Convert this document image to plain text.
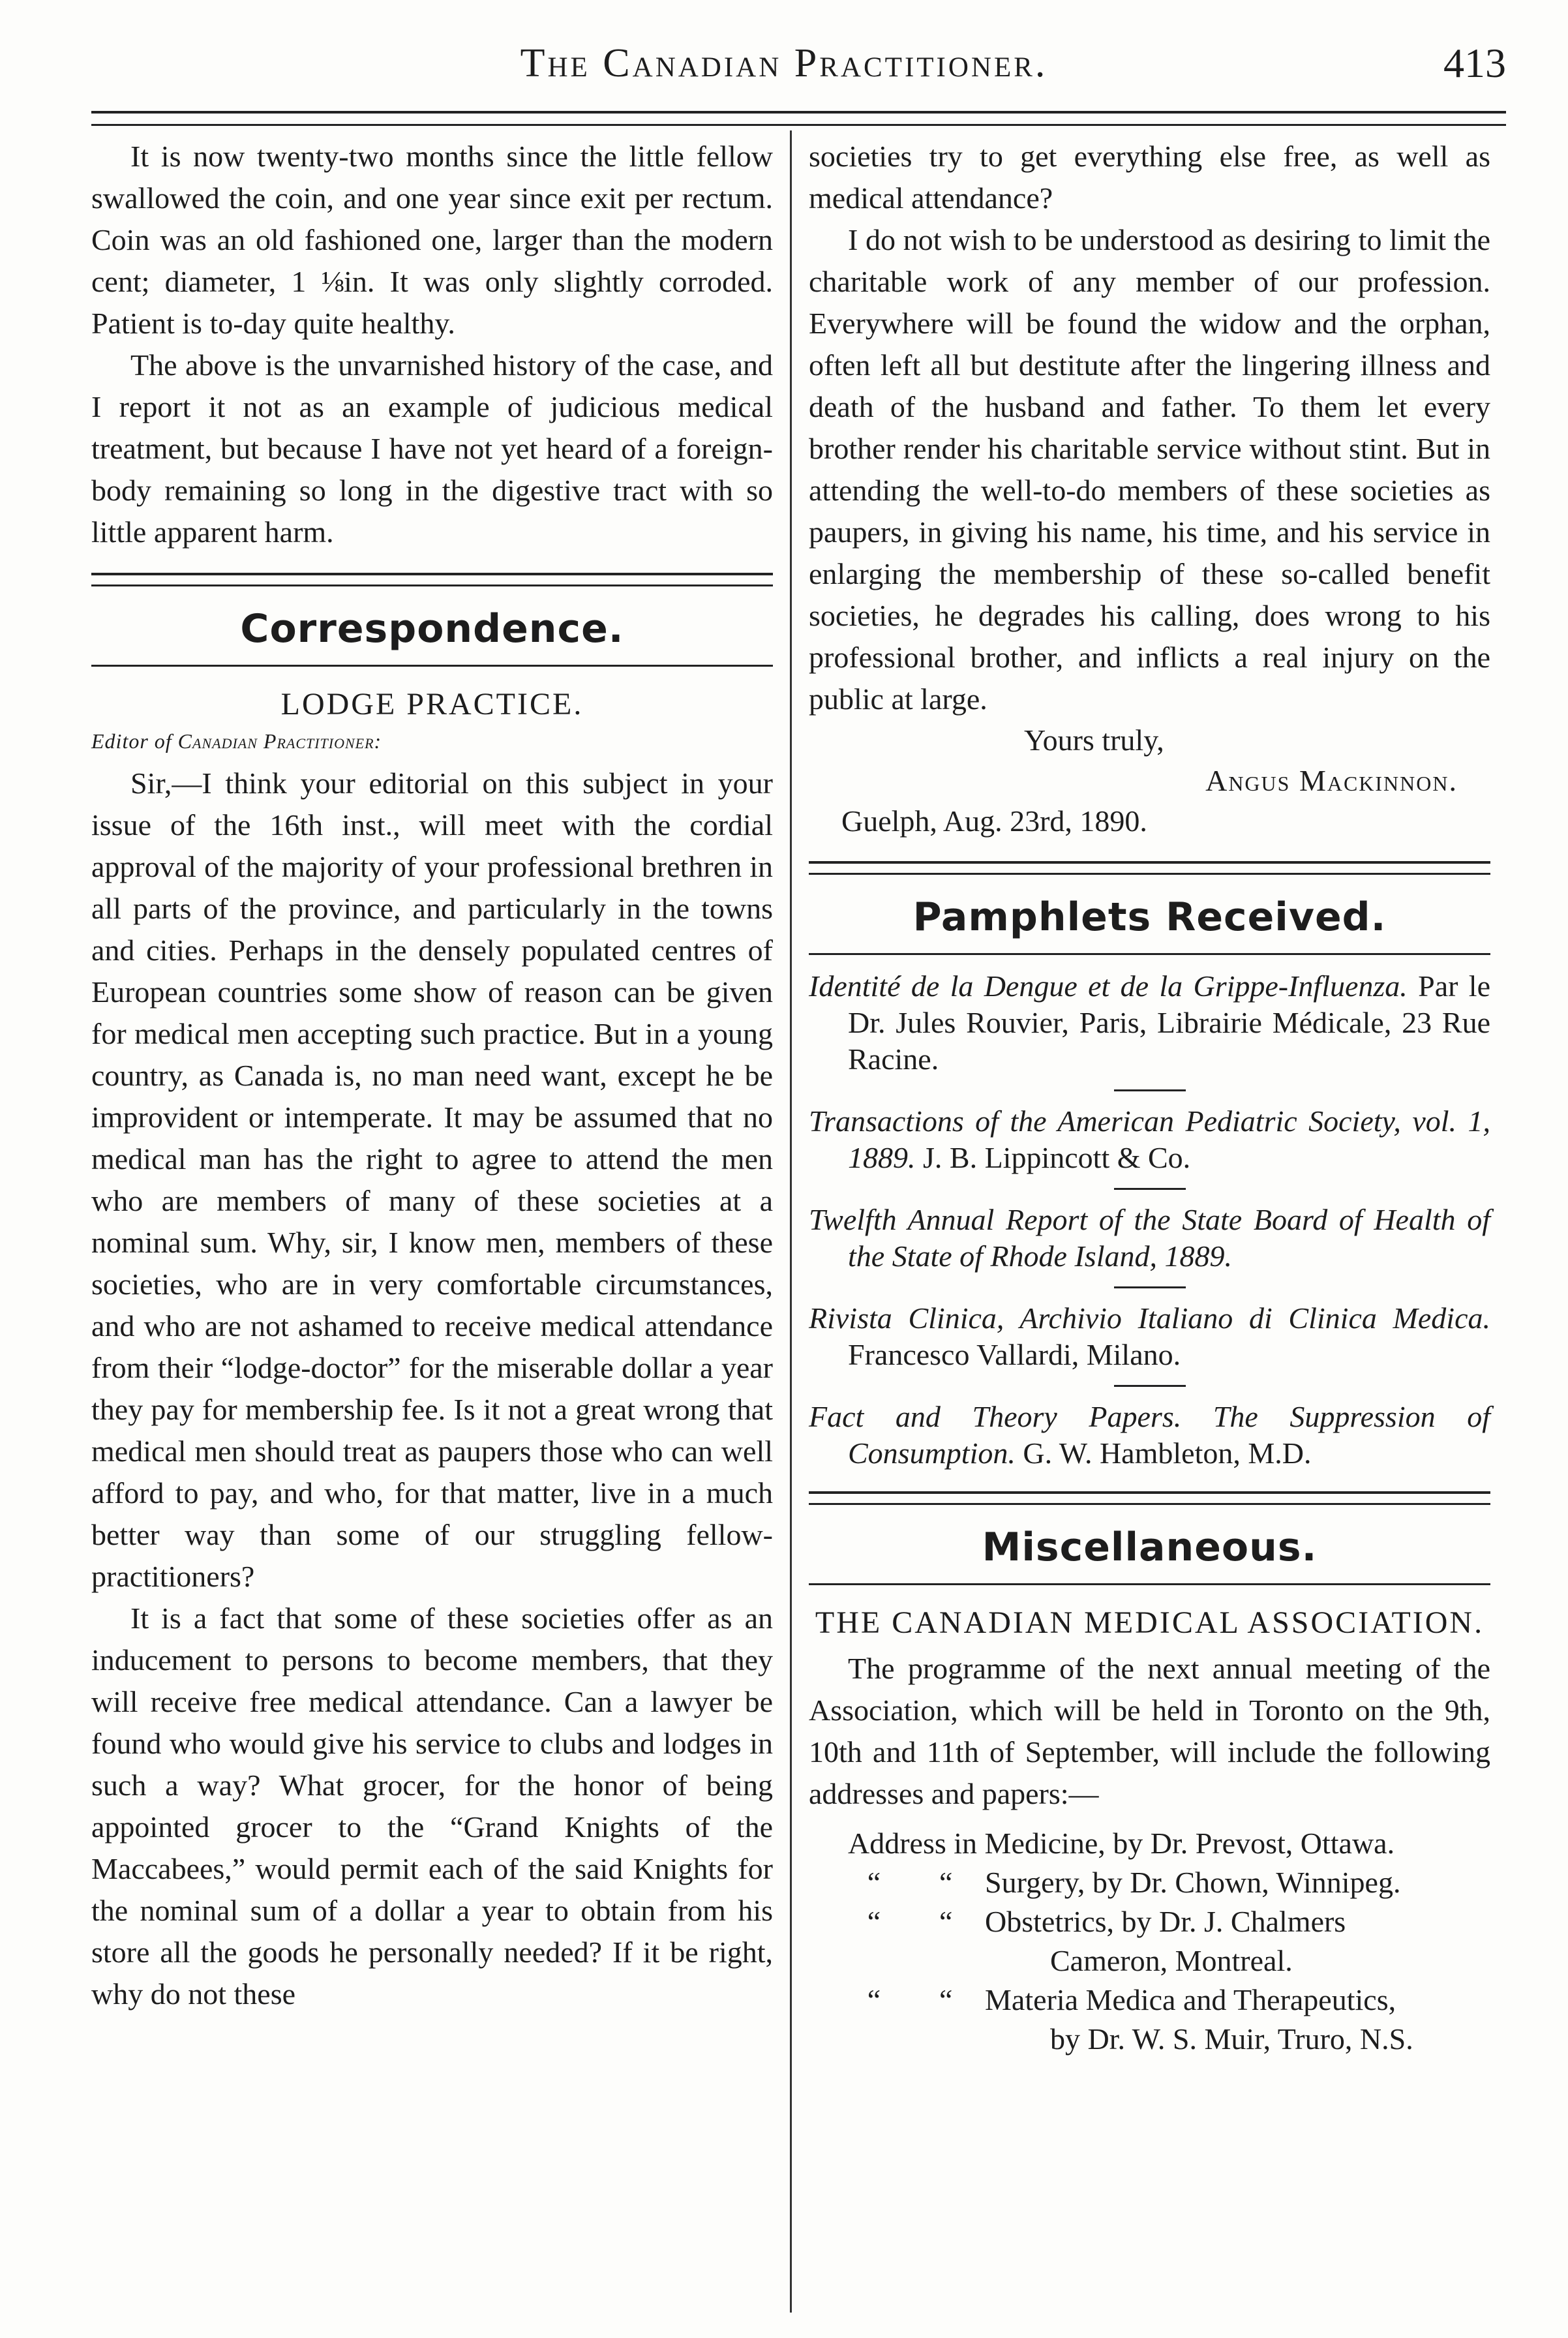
The Canadian Practitioner.	413

It is now twenty-two months since the little fellow swallowed the coin, and one year since exit per rectum. Coin was an old fashioned one, larger than the modern cent; diameter, 1 ⅛in. It was only slightly corroded. Patient is to-day quite healthy.

The above is the unvarnished history of the case, and I report it not as an example of judicious medical treatment, but because I have not yet heard of a foreign-body remaining so long in the digestive tract with so little apparent harm.

Correspondence.
LODGE PRACTICE.
Editor of Canadian Practitioner:

Sir,—I think your editorial on this subject in your issue of the 16th inst., will meet with the cordial approval of the majority of your professional brethren in all parts of the province, and particularly in the towns and cities. Perhaps in the densely populated centres of European countries some show of reason can be given for medical men accepting such practice. But in a young country, as Canada is, no man need want, except he be improvident or intemperate. It may be assumed that no medical man has the right to agree to attend the men who are members of many of these societies at a nominal sum. Why, sir, I know men, members of these societies, who are in very comfortable circumstances, and who are not ashamed to receive medical attendance from their “lodge-doctor” for the miserable dollar a year they pay for membership fee. Is it not a great wrong that medical men should treat as paupers those who can well afford to pay, and who, for that matter, live in a much better way than some of our struggling fellow-practitioners?

It is a fact that some of these societies offer as an inducement to persons to become members, that they will receive free medical attendance. Can a lawyer be found who would give his service to clubs and lodges in such a way? What grocer, for the honor of being appointed grocer to the “Grand Knights of the Maccabees,” would permit each of the said Knights for the nominal sum of a dollar a year to obtain from his store all the goods he personally needed? If it be right, why do not these

societies try to get everything else free, as well as medical attendance?

I do not wish to be understood as desiring to limit the charitable work of any member of our profession. Everywhere will be found the widow and the orphan, often left all but destitute after the lingering illness and death of the husband and father. To them let every brother render his charitable service without stint. But in attending the well-to-do members of these societies as paupers, in giving his name, his time, and his service in enlarging the membership of these so-called benefit societies, he degrades his calling, does wrong to his professional brother, and inflicts a real injury on the public at large.

Yours truly,
Angus Mackinnon.
Guelph, Aug. 23rd, 1890.
Pamphlets Received.
Identité de la Dengue et de la Grippe-Influenza. Par le Dr. Jules Rouvier, Paris, Librairie Médicale, 23 Rue Racine.
Transactions of the American Pediatric Society, vol. 1, 1889. J. B. Lippincott & Co.
Twelfth Annual Report of the State Board of Health of the State of Rhode Island, 1889.
Rivista Clinica, Archivio Italiano di Clinica Medica. Francesco Vallardi, Milano.
Fact and Theory Papers. The Suppression of Consumption. G. W. Hambleton, M.D.
Miscellaneous.
THE CANADIAN MEDICAL ASSOCIATION.

The programme of the next annual meeting of the Association, which will be held in Toronto on the 9th, 10th and 11th of September, will include the following addresses and papers:—

Address in Medicine, by Dr. Prevost, Ottawa.
“	“	Surgery, by Dr. Chown, Winnipeg.
“	“	Obstetrics, by Dr. J. Chalmers
Cameron, Montreal.
“	“	Materia Medica and Therapeutics,
by Dr. W. S. Muir, Truro, N.S.
